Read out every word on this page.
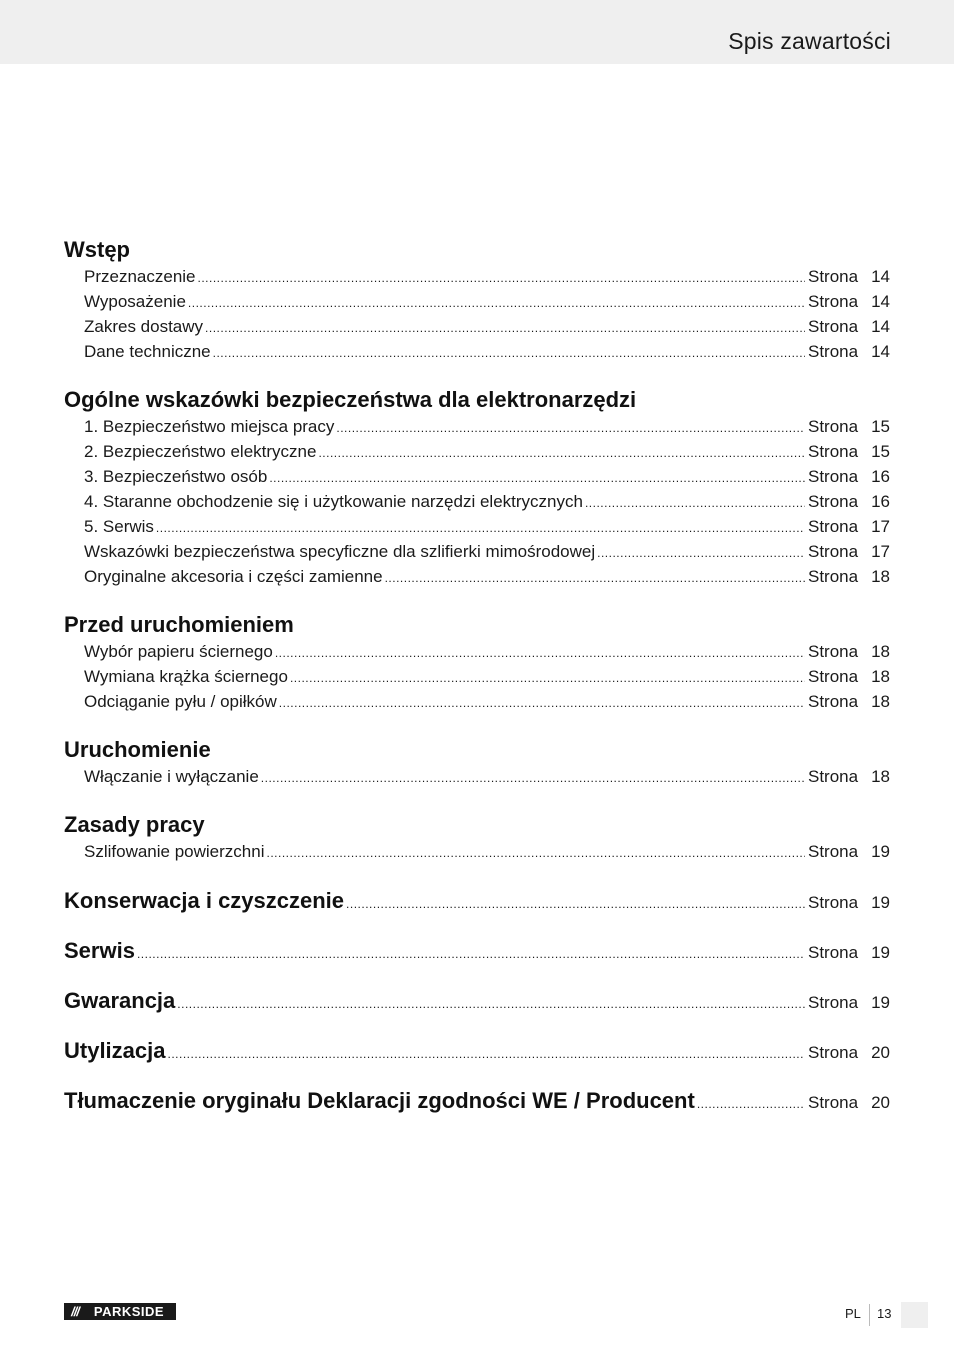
Spis zawartości
Wstęp
Przeznaczenie .....	Strona 14
Wyposażenie .....	Strona 14
Zakres dostawy .....	Strona 14
Dane techniczne .....	Strona 14
Ogólne wskazówki bezpieczeństwa dla elektronarzędzi
1. Bezpieczeństwo miejsca pracy .....	Strona 15
2. Bezpieczeństwo elektryczne .....	Strona 15
3. Bezpieczeństwo osób .....	Strona 16
4. Staranne obchodzenie się i użytkowanie narzędzi elektrycznych .....	Strona 16
5. Serwis .....	Strona 17
Wskazówki bezpieczeństwa specyficzne dla szlifierki mimośrodowej .....	Strona 17
Oryginalne akcesoria i części zamienne .....	Strona 18
Przed uruchomieniem
Wybór papieru ściernego .....	Strona 18
Wymiana krążka ściernego .....	Strona 18
Odciąganie pyłu / opiłków .....	Strona 18
Uruchomienie
Włączanie i wyłączanie .....	Strona 18
Zasady pracy
Szlifowanie powierzchni .....	Strona 19
Konserwacja i czyszczenie .....	Strona 19
Serwis .....	Strona 19
Gwarancja .....	Strona 19
Utylizacja .....	Strona 20
Tłumaczenie oryginału Deklaracji zgodności WE / Producent .....	Strona 20
///	PARKSIDE	PL 13
